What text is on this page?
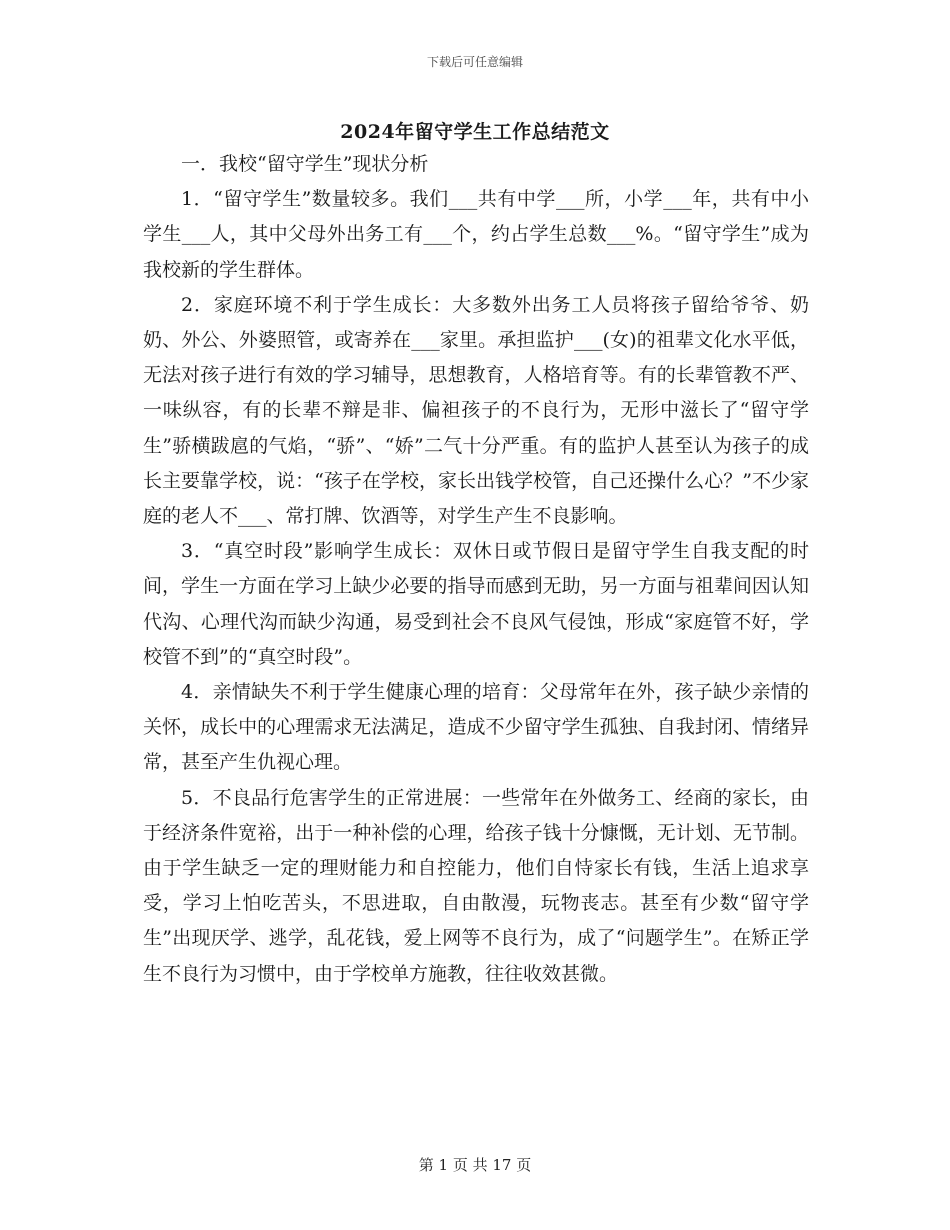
下载后可任意编辑
2024年留守学生工作总结范文

一．我校“留守学生”现状分析

1．“留守学生”数量较多。我们___共有中学___所，小学___年，共有中小学生___人，其中父母外出务工有___个，约占学生总数___%。“留守学生”成为我校新的学生群体。

2．家庭环境不利于学生成长：大多数外出务工人员将孩子留给爷爷、奶奶、外公、外婆照管，或寄养在___家里。承担监护___(女)的祖辈文化水平低，无法对孩子进行有效的学习辅导，思想教育，人格培育等。有的长辈管教不严、一味纵容，有的长辈不辩是非、偏袒孩子的不良行为，无形中滋长了“留守学生”骄横跋扈的气焰，“骄”、“娇”二气十分严重。有的监护人甚至认为孩子的成长主要靠学校，说：“孩子在学校，家长出钱学校管，自己还操什么心？”不少家庭的老人不___、常打牌、饮酒等，对学生产生不良影响。

3．“真空时段”影响学生成长：双休日或节假日是留守学生自我支配的时间，学生一方面在学习上缺少必要的指导而感到无助，另一方面与祖辈间因认知代沟、心理代沟而缺少沟通，易受到社会不良风气侵蚀，形成“家庭管不好，学校管不到”的“真空时段”。

4．亲情缺失不利于学生健康心理的培育：父母常年在外，孩子缺少亲情的关怀，成长中的心理需求无法满足，造成不少留守学生孤独、自我封闭、情绪异常，甚至产生仇视心理。

5．不良品行危害学生的正常进展：一些常年在外做务工、经商的家长，由于经济条件宽裕，出于一种补偿的心理，给孩子钱十分慷慨，无计划、无节制。由于学生缺乏一定的理财能力和自控能力，他们自恃家长有钱，生活上追求享受，学习上怕吃苦头，不思进取，自由散漫，玩物丧志。甚至有少数“留守学生”出现厌学、逃学，乱花钱，爱上网等不良行为，成了“问题学生”。在矫正学生不良行为习惯中，由于学校单方施教，往往收效甚微。

第 1 页 共 17 页
